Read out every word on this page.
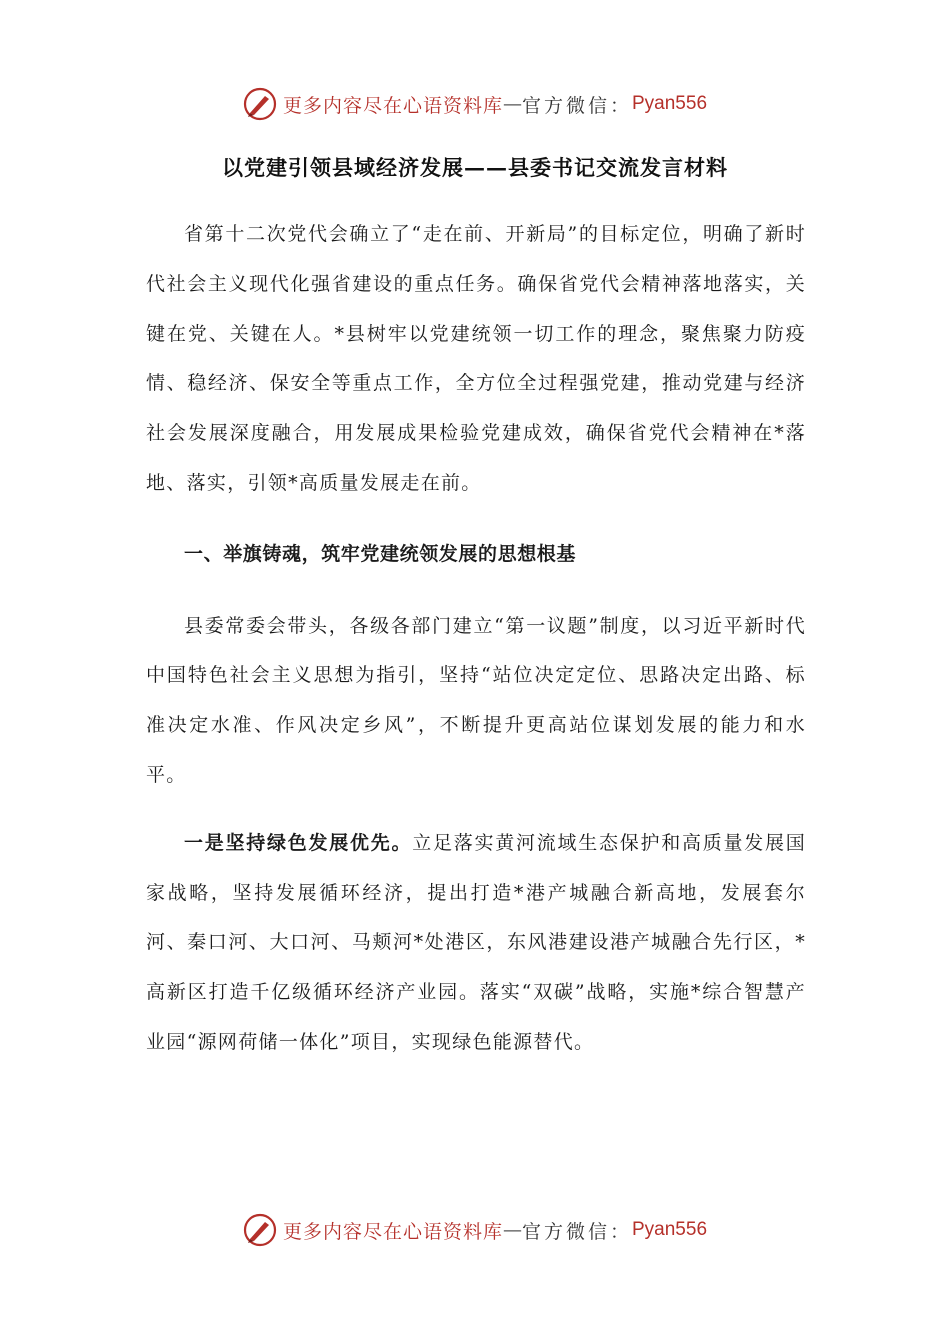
更多内容尽在心语资料库 — 官方微信： Pyan556
以党建引领县域经济发展——县委书记交流发言材料

省第十二次党代会确立了“走在前、开新局”的目标定位，明确了新时代社会主义现代化强省建设的重点任务。确保省党代会精神落地落实，关键在党、关键在人。*县树牢以党建统领一切工作的理念，聚焦聚力防疫情、稳经济、保安全等重点工作，全方位全过程强党建，推动党建与经济社会发展深度融合，用发展成果检验党建成效，确保省党代会精神在*落地、落实，引领*高质量发展走在前。

一、举旗铸魂，筑牢党建统领发展的思想根基

县委常委会带头，各级各部门建立“第一议题”制度，以习近平新时代中国特色社会主义思想为指引，坚持“站位决定定位、思路决定出路、标准决定水准、作风决定乡风”，不断提升更高站位谋划发展的能力和水平。

一是坚持绿色发展优先。立足落实黄河流域生态保护和高质量发展国家战略，坚持发展循环经济，提出打造*港产城融合新高地，发展套尔河、秦口河、大口河、马颊河*处港区，东风港建设港产城融合先行区，*高新区打造千亿级循环经济产业园。落实“双碳”战略，实施*综合智慧产业园“源网荷储一体化”项目，实现绿色能源替代。

更多内容尽在心语资料库 — 官方微信： Pyan556
